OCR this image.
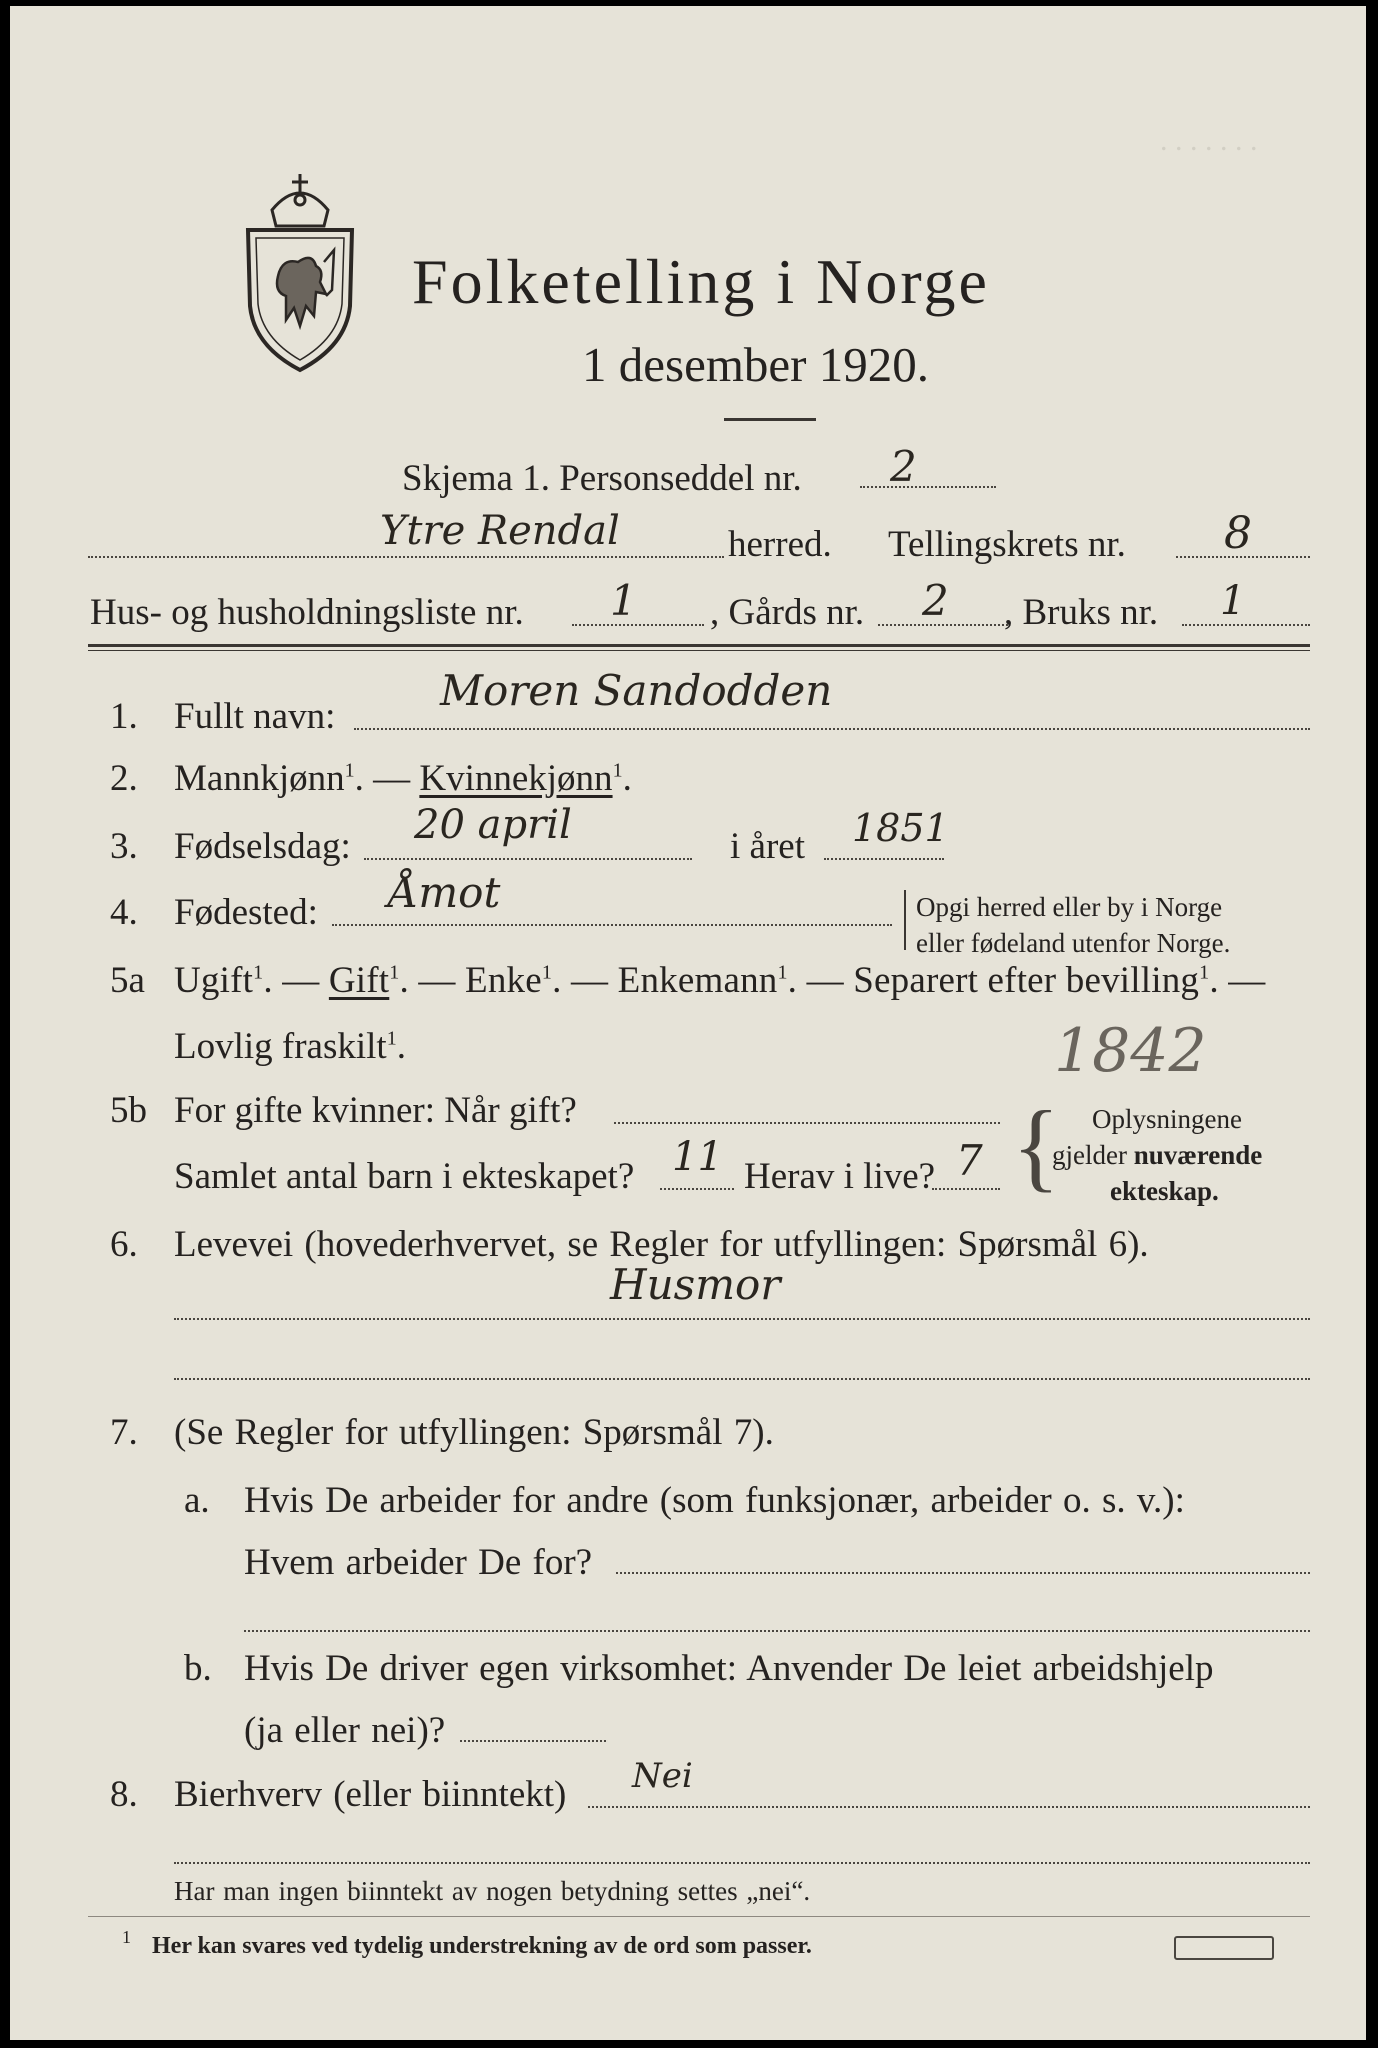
Folketelling i Norge
1 desember 1920.
. . . . . . .
Skjema 1. Personseddel nr. 2
Ytre Rendal	herred. Tellingskrets nr. 8
Hus- og husholdningsliste nr. 1 , Gårds nr. 2 , Bruks nr. 1
1. Fullt navn:
Moren Sandodden
2. Mannkjønn$^1$. — Kvinnekjønn$^1$.
3. Fødselsdag: 20 april	i året 1851
4. Fødested: Åmot	Opgi herred eller by i Norge
eller fødeland utenfor Norge.
5a Ugift$^1$. — Gift$^1$. — Enke$^1$. — Enkemann$^1$. — Separert efter bevilling$^1$. —
Lovlig fraskilt$^1$.	1842
5b For gifte kvinner: Når gift?
Samlet antal barn i ekteskapet? 11 Herav i live? 7 { Oplysningene
gjelder nuværende
ekteskap.
6. Levevei (hovederhvervet, se Regler for utfyllingen: Spørsmål 6).
Husmor
7. (Se Regler for utfyllingen: Spørsmål 7).
a. Hvis De arbeider for andre (som funksjonær, arbeider o. s. v.):
Hvem arbeider De for?
b. Hvis De driver egen virksomhet: Anvender De leiet arbeidshjelp
(ja eller nei)?
8. Bierhverv (eller biinntekt) Nei
Har man ingen biinntekt av nogen betydning settes „nei“.
1 Her kan svares ved tydelig understrekning av de ord som passer.
